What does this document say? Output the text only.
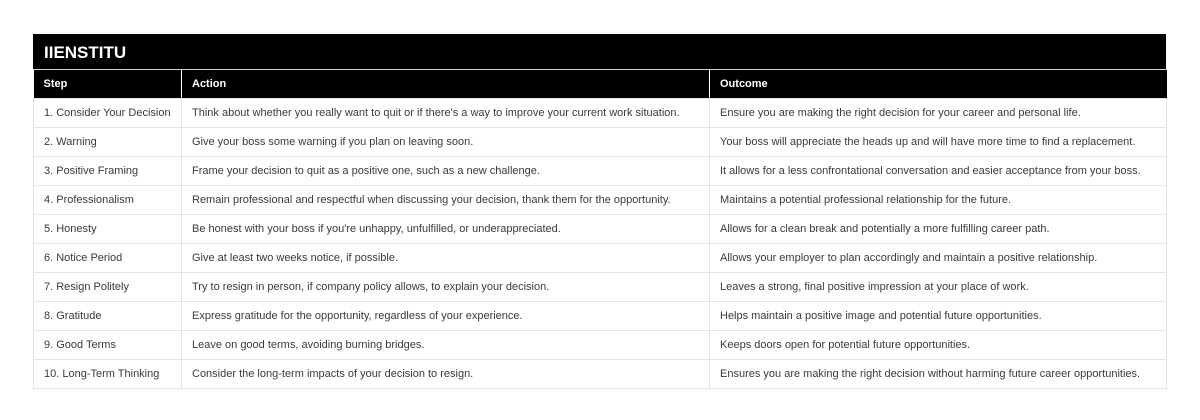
IIENSTITU
Step	Action	Outcome
1. Consider Your Decision	Think about whether you really want to quit or if there's a way to improve your current work situation.	Ensure you are making the right decision for your career and personal life.
2. Warning	Give your boss some warning if you plan on leaving soon.	Your boss will appreciate the heads up and will have more time to find a replacement.
3. Positive Framing	Frame your decision to quit as a positive one, such as a new challenge.	It allows for a less confrontational conversation and easier acceptance from your boss.
4. Professionalism	Remain professional and respectful when discussing your decision, thank them for the opportunity.	Maintains a potential professional relationship for the future.
5. Honesty	Be honest with your boss if you're unhappy, unfulfilled, or underappreciated.	Allows for a clean break and potentially a more fulfilling career path.
6. Notice Period	Give at least two weeks notice, if possible.	Allows your employer to plan accordingly and maintain a positive relationship.
7. Resign Politely	Try to resign in person, if company policy allows, to explain your decision.	Leaves a strong, final positive impression at your place of work.
8. Gratitude	Express gratitude for the opportunity, regardless of your experience.	Helps maintain a positive image and potential future opportunities.
9. Good Terms	Leave on good terms, avoiding burning bridges.	Keeps doors open for potential future opportunities.
10. Long-Term Thinking	Consider the long-term impacts of your decision to resign.	Ensures you are making the right decision without harming future career opportunities.
